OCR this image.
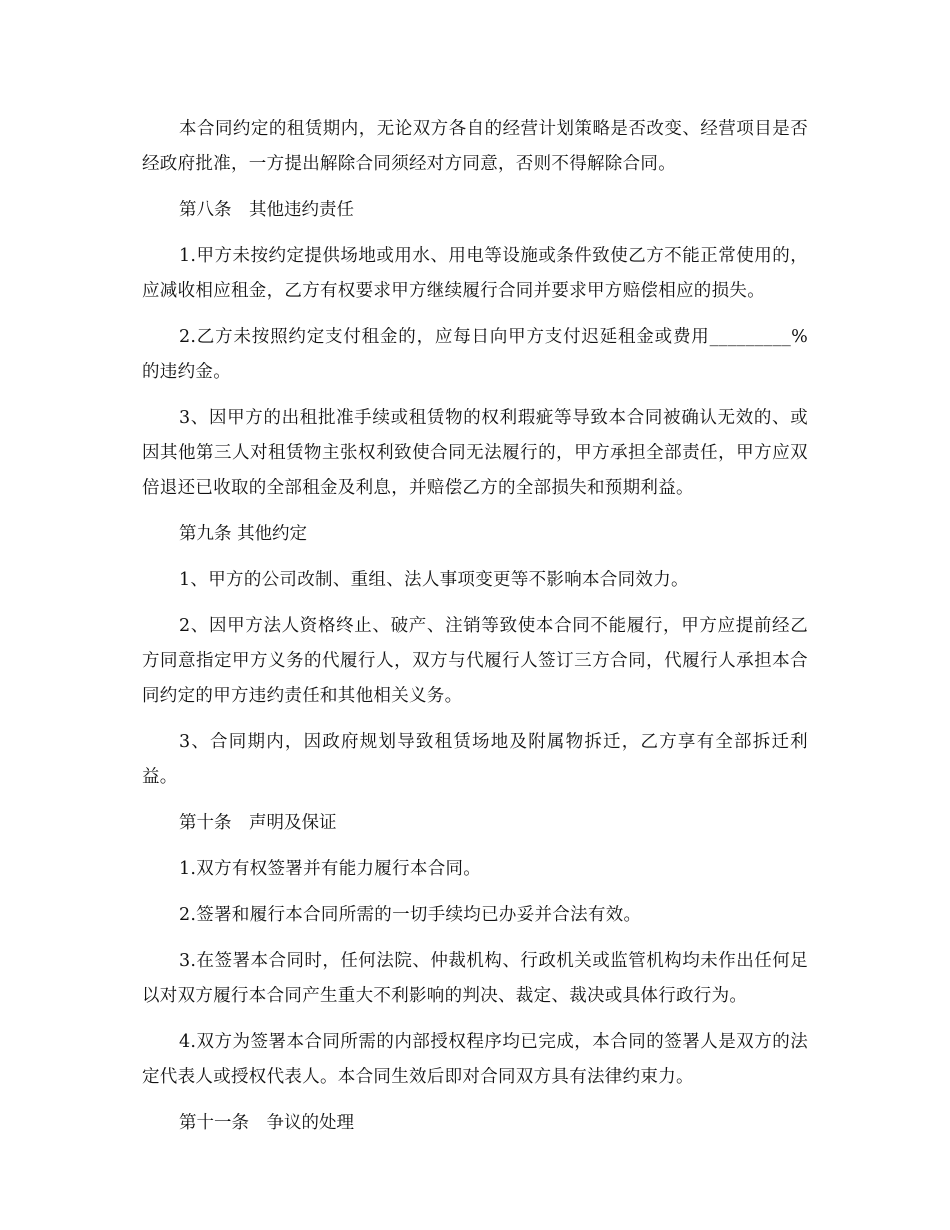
本合同约定的租赁期内，无论双方各自的经营计划策略是否改变、经营项目是否经政府批准，一方提出解除合同须经对方同意，否则不得解除合同。

第八条　其他违约责任

1.甲方未按约定提供场地或用水、用电等设施或条件致使乙方不能正常使用的，应减收相应租金，乙方有权要求甲方继续履行合同并要求甲方赔偿相应的损失。

2.乙方未按照约定支付租金的，应每日向甲方支付迟延租金或费用_________%的违约金。

3、因甲方的出租批准手续或租赁物的权利瑕疵等导致本合同被确认无效的、或因其他第三人对租赁物主张权利致使合同无法履行的，甲方承担全部责任，甲方应双倍退还已收取的全部租金及利息，并赔偿乙方的全部损失和预期利益。

第九条 其他约定

1、甲方的公司改制、重组、法人事项变更等不影响本合同效力。

2、因甲方法人资格终止、破产、注销等致使本合同不能履行，甲方应提前经乙方同意指定甲方义务的代履行人，双方与代履行人签订三方合同，代履行人承担本合同约定的甲方违约责任和其他相关义务。

3、合同期内，因政府规划导致租赁场地及附属物拆迁，乙方享有全部拆迁利益。

第十条　声明及保证

1.双方有权签署并有能力履行本合同。

2.签署和履行本合同所需的一切手续均已办妥并合法有效。

3.在签署本合同时，任何法院、仲裁机构、行政机关或监管机构均未作出任何足以对双方履行本合同产生重大不利影响的判决、裁定、裁决或具体行政行为。

4.双方为签署本合同所需的内部授权程序均已完成，本合同的签署人是双方的法定代表人或授权代表人。本合同生效后即对合同双方具有法律约束力。

第十一条　争议的处理
